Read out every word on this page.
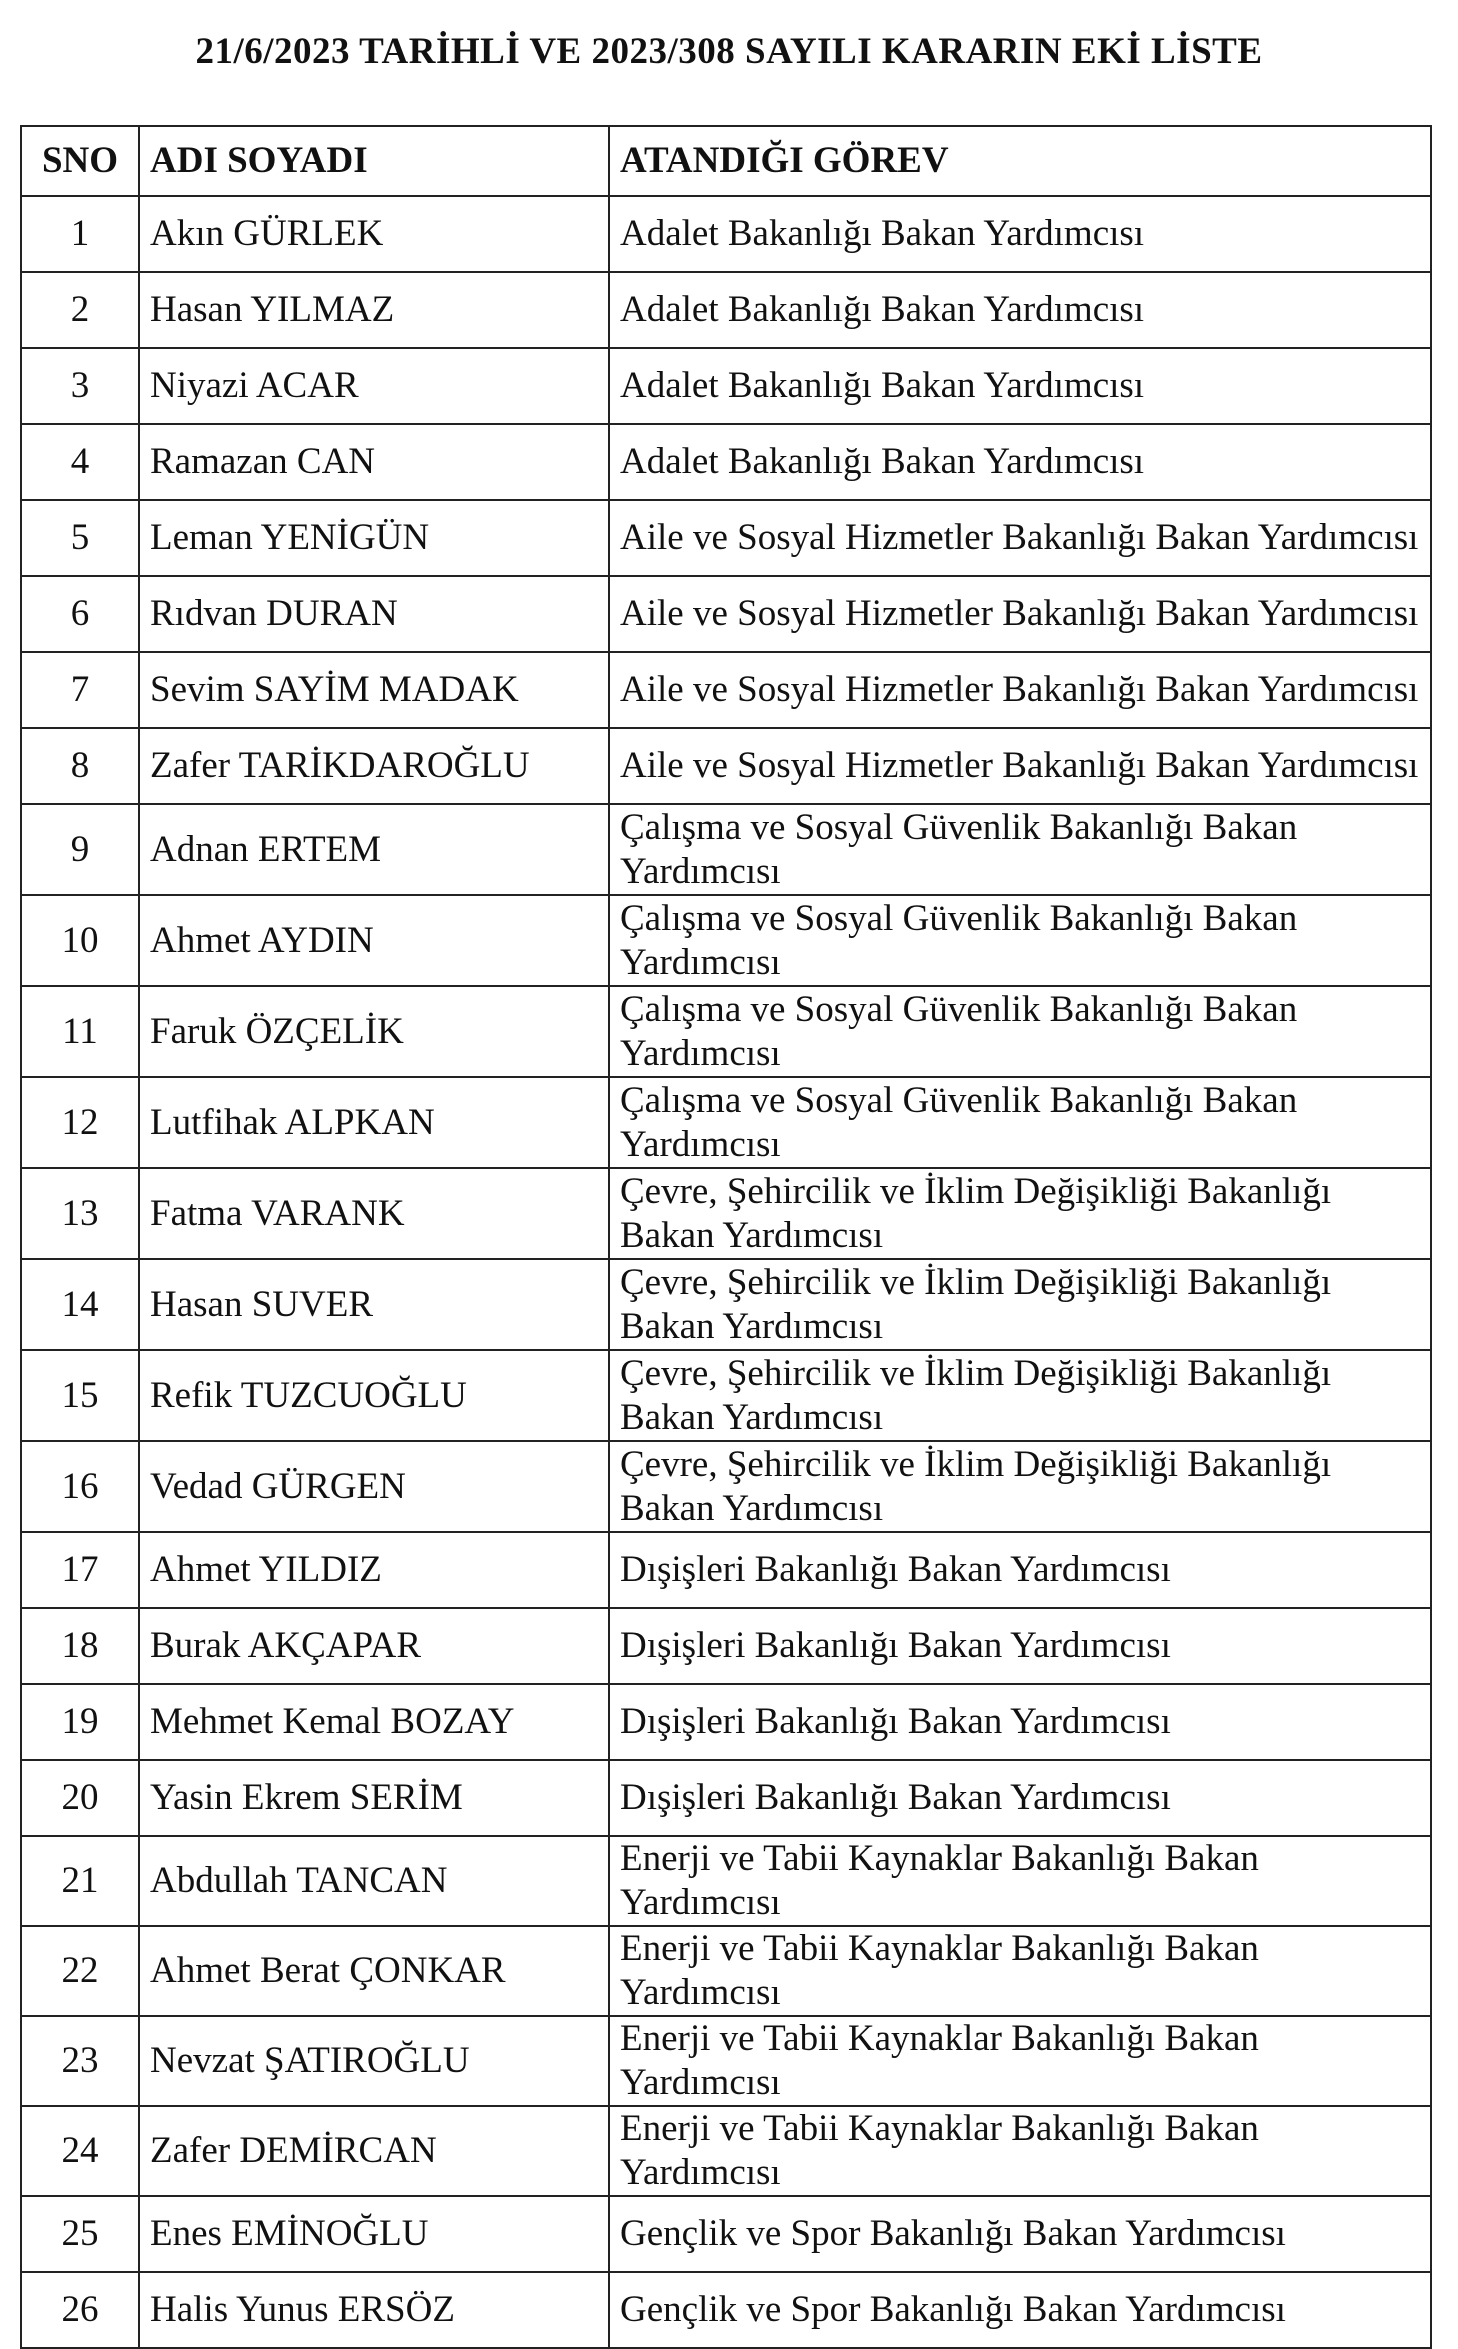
21/6/2023 TARİHLİ VE 2023/308 SAYILI KARARIN EKİ LİSTE
SNO	ADI SOYADI	ATANDIĞI GÖREV
1	Akın GÜRLEK	Adalet Bakanlığı Bakan Yardımcısı
2	Hasan YILMAZ	Adalet Bakanlığı Bakan Yardımcısı
3	Niyazi ACAR	Adalet Bakanlığı Bakan Yardımcısı
4	Ramazan CAN	Adalet Bakanlığı Bakan Yardımcısı
5	Leman YENİGÜN	Aile ve Sosyal Hizmetler Bakanlığı Bakan Yardımcısı
6	Rıdvan DURAN	Aile ve Sosyal Hizmetler Bakanlığı Bakan Yardımcısı
7	Sevim SAYİM MADAK	Aile ve Sosyal Hizmetler Bakanlığı Bakan Yardımcısı
8	Zafer TARİKDAROĞLU	Aile ve Sosyal Hizmetler Bakanlığı Bakan Yardımcısı
9	Adnan ERTEM	Çalışma ve Sosyal Güvenlik Bakanlığı Bakan Yardımcısı
10	Ahmet AYDIN	Çalışma ve Sosyal Güvenlik Bakanlığı Bakan Yardımcısı
11	Faruk ÖZÇELİK	Çalışma ve Sosyal Güvenlik Bakanlığı Bakan Yardımcısı
12	Lutfihak ALPKAN	Çalışma ve Sosyal Güvenlik Bakanlığı Bakan Yardımcısı
13	Fatma VARANK	Çevre, Şehircilik ve İklim Değişikliği Bakanlığı Bakan Yardımcısı
14	Hasan SUVER	Çevre, Şehircilik ve İklim Değişikliği Bakanlığı Bakan Yardımcısı
15	Refik TUZCUOĞLU	Çevre, Şehircilik ve İklim Değişikliği Bakanlığı Bakan Yardımcısı
16	Vedad GÜRGEN	Çevre, Şehircilik ve İklim Değişikliği Bakanlığı Bakan Yardımcısı
17	Ahmet YILDIZ	Dışişleri Bakanlığı Bakan Yardımcısı
18	Burak AKÇAPAR	Dışişleri Bakanlığı Bakan Yardımcısı
19	Mehmet Kemal BOZAY	Dışişleri Bakanlığı Bakan Yardımcısı
20	Yasin Ekrem SERİM	Dışişleri Bakanlığı Bakan Yardımcısı
21	Abdullah TANCAN	Enerji ve Tabii Kaynaklar Bakanlığı Bakan Yardımcısı
22	Ahmet Berat ÇONKAR	Enerji ve Tabii Kaynaklar Bakanlığı Bakan Yardımcısı
23	Nevzat ŞATIROĞLU	Enerji ve Tabii Kaynaklar Bakanlığı Bakan Yardımcısı
24	Zafer DEMİRCAN	Enerji ve Tabii Kaynaklar Bakanlığı Bakan Yardımcısı
25	Enes EMİNOĞLU	Gençlik ve Spor Bakanlığı Bakan Yardımcısı
26	Halis Yunus ERSÖZ	Gençlik ve Spor Bakanlığı Bakan Yardımcısı
